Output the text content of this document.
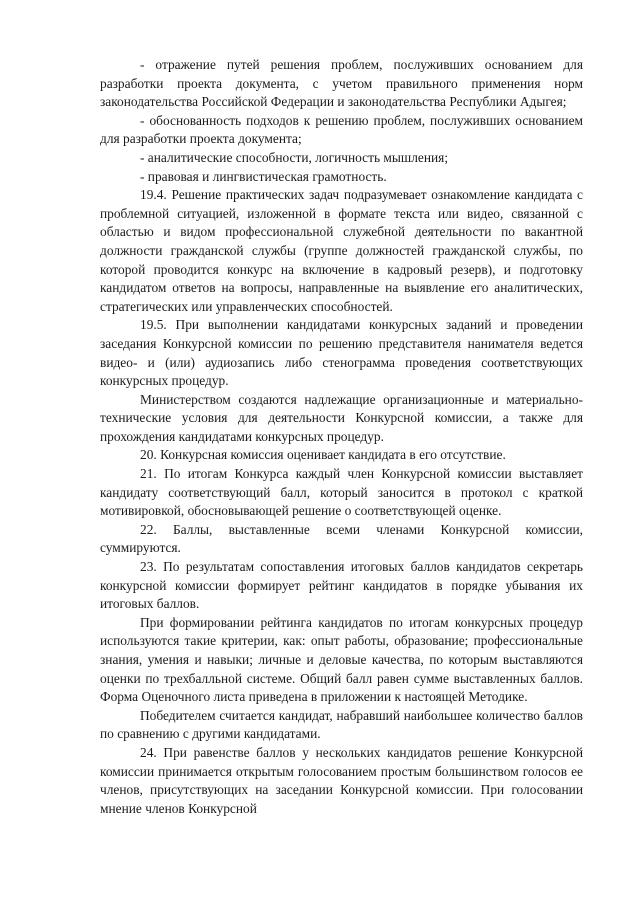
- отражение путей решения проблем, послуживших основанием для разработки проекта документа, с учетом правильного применения норм законодательства Российской Федерации и законодательства Республики Адыгея;

- обоснованность подходов к решению проблем, послуживших основанием для разработки проекта документа;

- аналитические способности, логичность мышления;

- правовая и лингвистическая грамотность.

19.4. Решение практических задач подразумевает ознакомление кандидата с проблемной ситуацией, изложенной в формате текста или видео, связанной с областью и видом профессиональной служебной деятельности по вакантной должности гражданской службы (группе должностей гражданской службы, по которой проводится конкурс на включение в кадровый резерв), и подготовку кандидатом ответов на вопросы, направленные на выявление его аналитических, стратегических или управленческих способностей.

19.5. При выполнении кандидатами конкурсных заданий и проведении заседания Конкурсной комиссии по решению представителя нанимателя ведется видео- и (или) аудиозапись либо стенограмма проведения соответствующих конкурсных процедур.

Министерством создаются надлежащие организационные и материально-технические условия для деятельности Конкурсной комиссии, а также для прохождения кандидатами конкурсных процедур.

20. Конкурсная комиссия оценивает кандидата в его отсутствие.

21. По итогам Конкурса каждый член Конкурсной комиссии выставляет кандидату соответствующий балл, который заносится в протокол с краткой мотивировкой, обосновывающей решение о соответствующей оценке.

22. Баллы, выставленные всеми членами Конкурсной комиссии, суммируются.

23. По результатам сопоставления итоговых баллов кандидатов секретарь конкурсной комиссии формирует рейтинг кандидатов в порядке убывания их итоговых баллов.

При формировании рейтинга кандидатов по итогам конкурсных процедур используются такие критерии, как: опыт работы, образование; профессиональные знания, умения и навыки; личные и деловые качества, по которым выставляются оценки по трехбалльной системе. Общий балл равен сумме выставленных баллов. Форма Оценочного листа приведена в приложении к настоящей Методике.

Победителем считается кандидат, набравший наибольшее количество баллов по сравнению с другими кандидатами.

24. При равенстве баллов у нескольких кандидатов решение Конкурсной комиссии принимается открытым голосованием простым большинством голосов ее членов, присутствующих на заседании Конкурсной комиссии. При голосовании мнение членов Конкурсной
